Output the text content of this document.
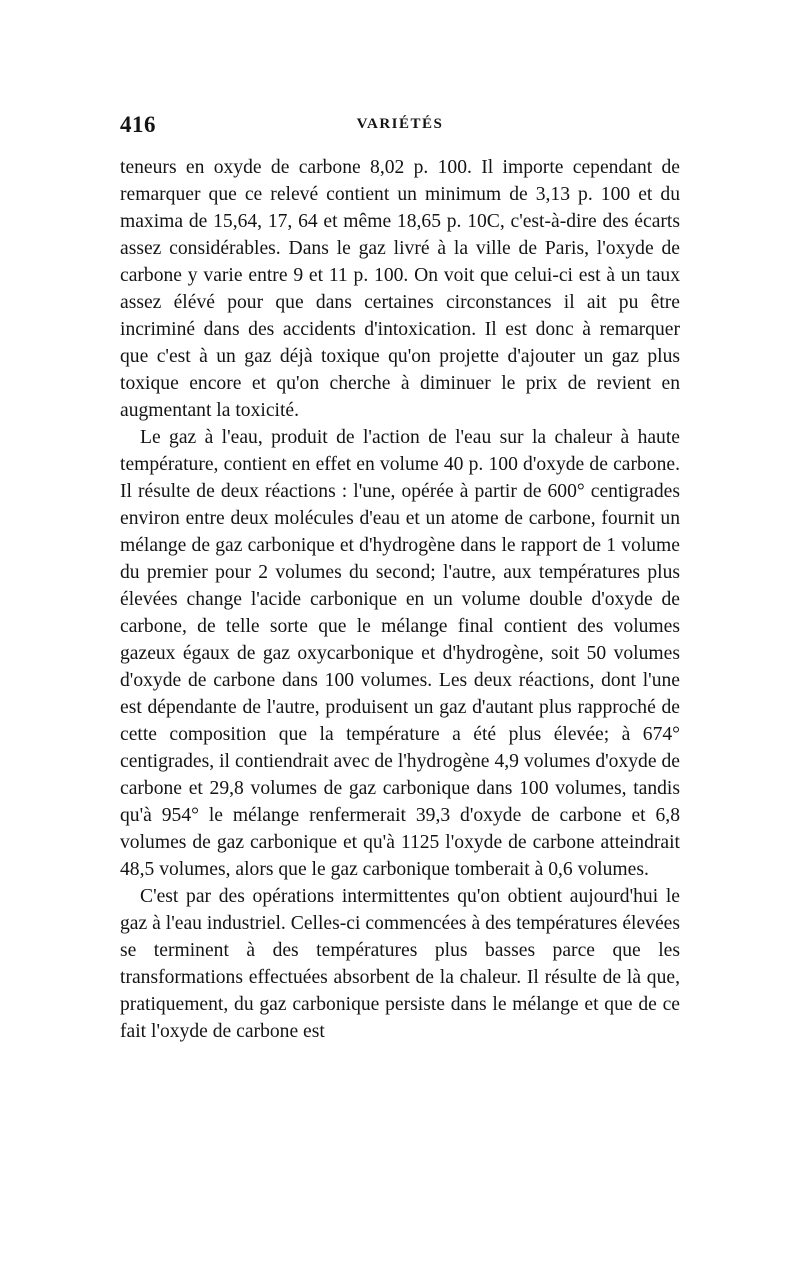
416	VARIÉTÉS

teneurs en oxyde de carbone 8,02 p. 100. Il importe cependant de remarquer que ce relevé contient un minimum de 3,13 p. 100 et du maxima de 15,64, 17, 64 et même 18,65 p. 10C, c'est-à-dire des écarts assez considérables. Dans le gaz livré à la ville de Paris, l'oxyde de carbone y varie entre 9 et 11 p. 100. On voit que celui-ci est à un taux assez élévé pour que dans certaines circonstances il ait pu être incriminé dans des accidents d'intoxication. Il est donc à remarquer que c'est à un gaz déjà toxique qu'on projette d'ajouter un gaz plus toxique encore et qu'on cherche à diminuer le prix de revient en augmentant la toxicité.

Le gaz à l'eau, produit de l'action de l'eau sur la chaleur à haute température, contient en effet en volume 40 p. 100 d'oxyde de carbone. Il résulte de deux réactions : l'une, opérée à partir de 600° centigrades environ entre deux molécules d'eau et un atome de carbone, fournit un mélange de gaz carbonique et d'hydrogène dans le rapport de 1 volume du premier pour 2 volumes du second; l'autre, aux températures plus élevées change l'acide carbonique en un volume double d'oxyde de carbone, de telle sorte que le mélange final contient des volumes gazeux égaux de gaz oxycarbonique et d'hydrogène, soit 50 volumes d'oxyde de carbone dans 100 volumes. Les deux réactions, dont l'une est dépendante de l'autre, produisent un gaz d'autant plus rapproché de cette composition que la température a été plus élevée; à 674° centigrades, il contiendrait avec de l'hydrogène 4,9 volumes d'oxyde de carbone et 29,8 volumes de gaz carbonique dans 100 volumes, tandis qu'à 954° le mélange renfermerait 39,3 d'oxyde de carbone et 6,8 volumes de gaz carbonique et qu'à 1125 l'oxyde de carbone atteindrait 48,5 volumes, alors que le gaz carbonique tomberait à 0,6 volumes.

C'est par des opérations intermittentes qu'on obtient aujourd'hui le gaz à l'eau industriel. Celles-ci commencées à des températures élevées se terminent à des températures plus basses parce que les transformations effectuées absorbent de la chaleur. Il résulte de là que, pratiquement, du gaz carbonique persiste dans le mélange et que de ce fait l'oxyde de carbone est
